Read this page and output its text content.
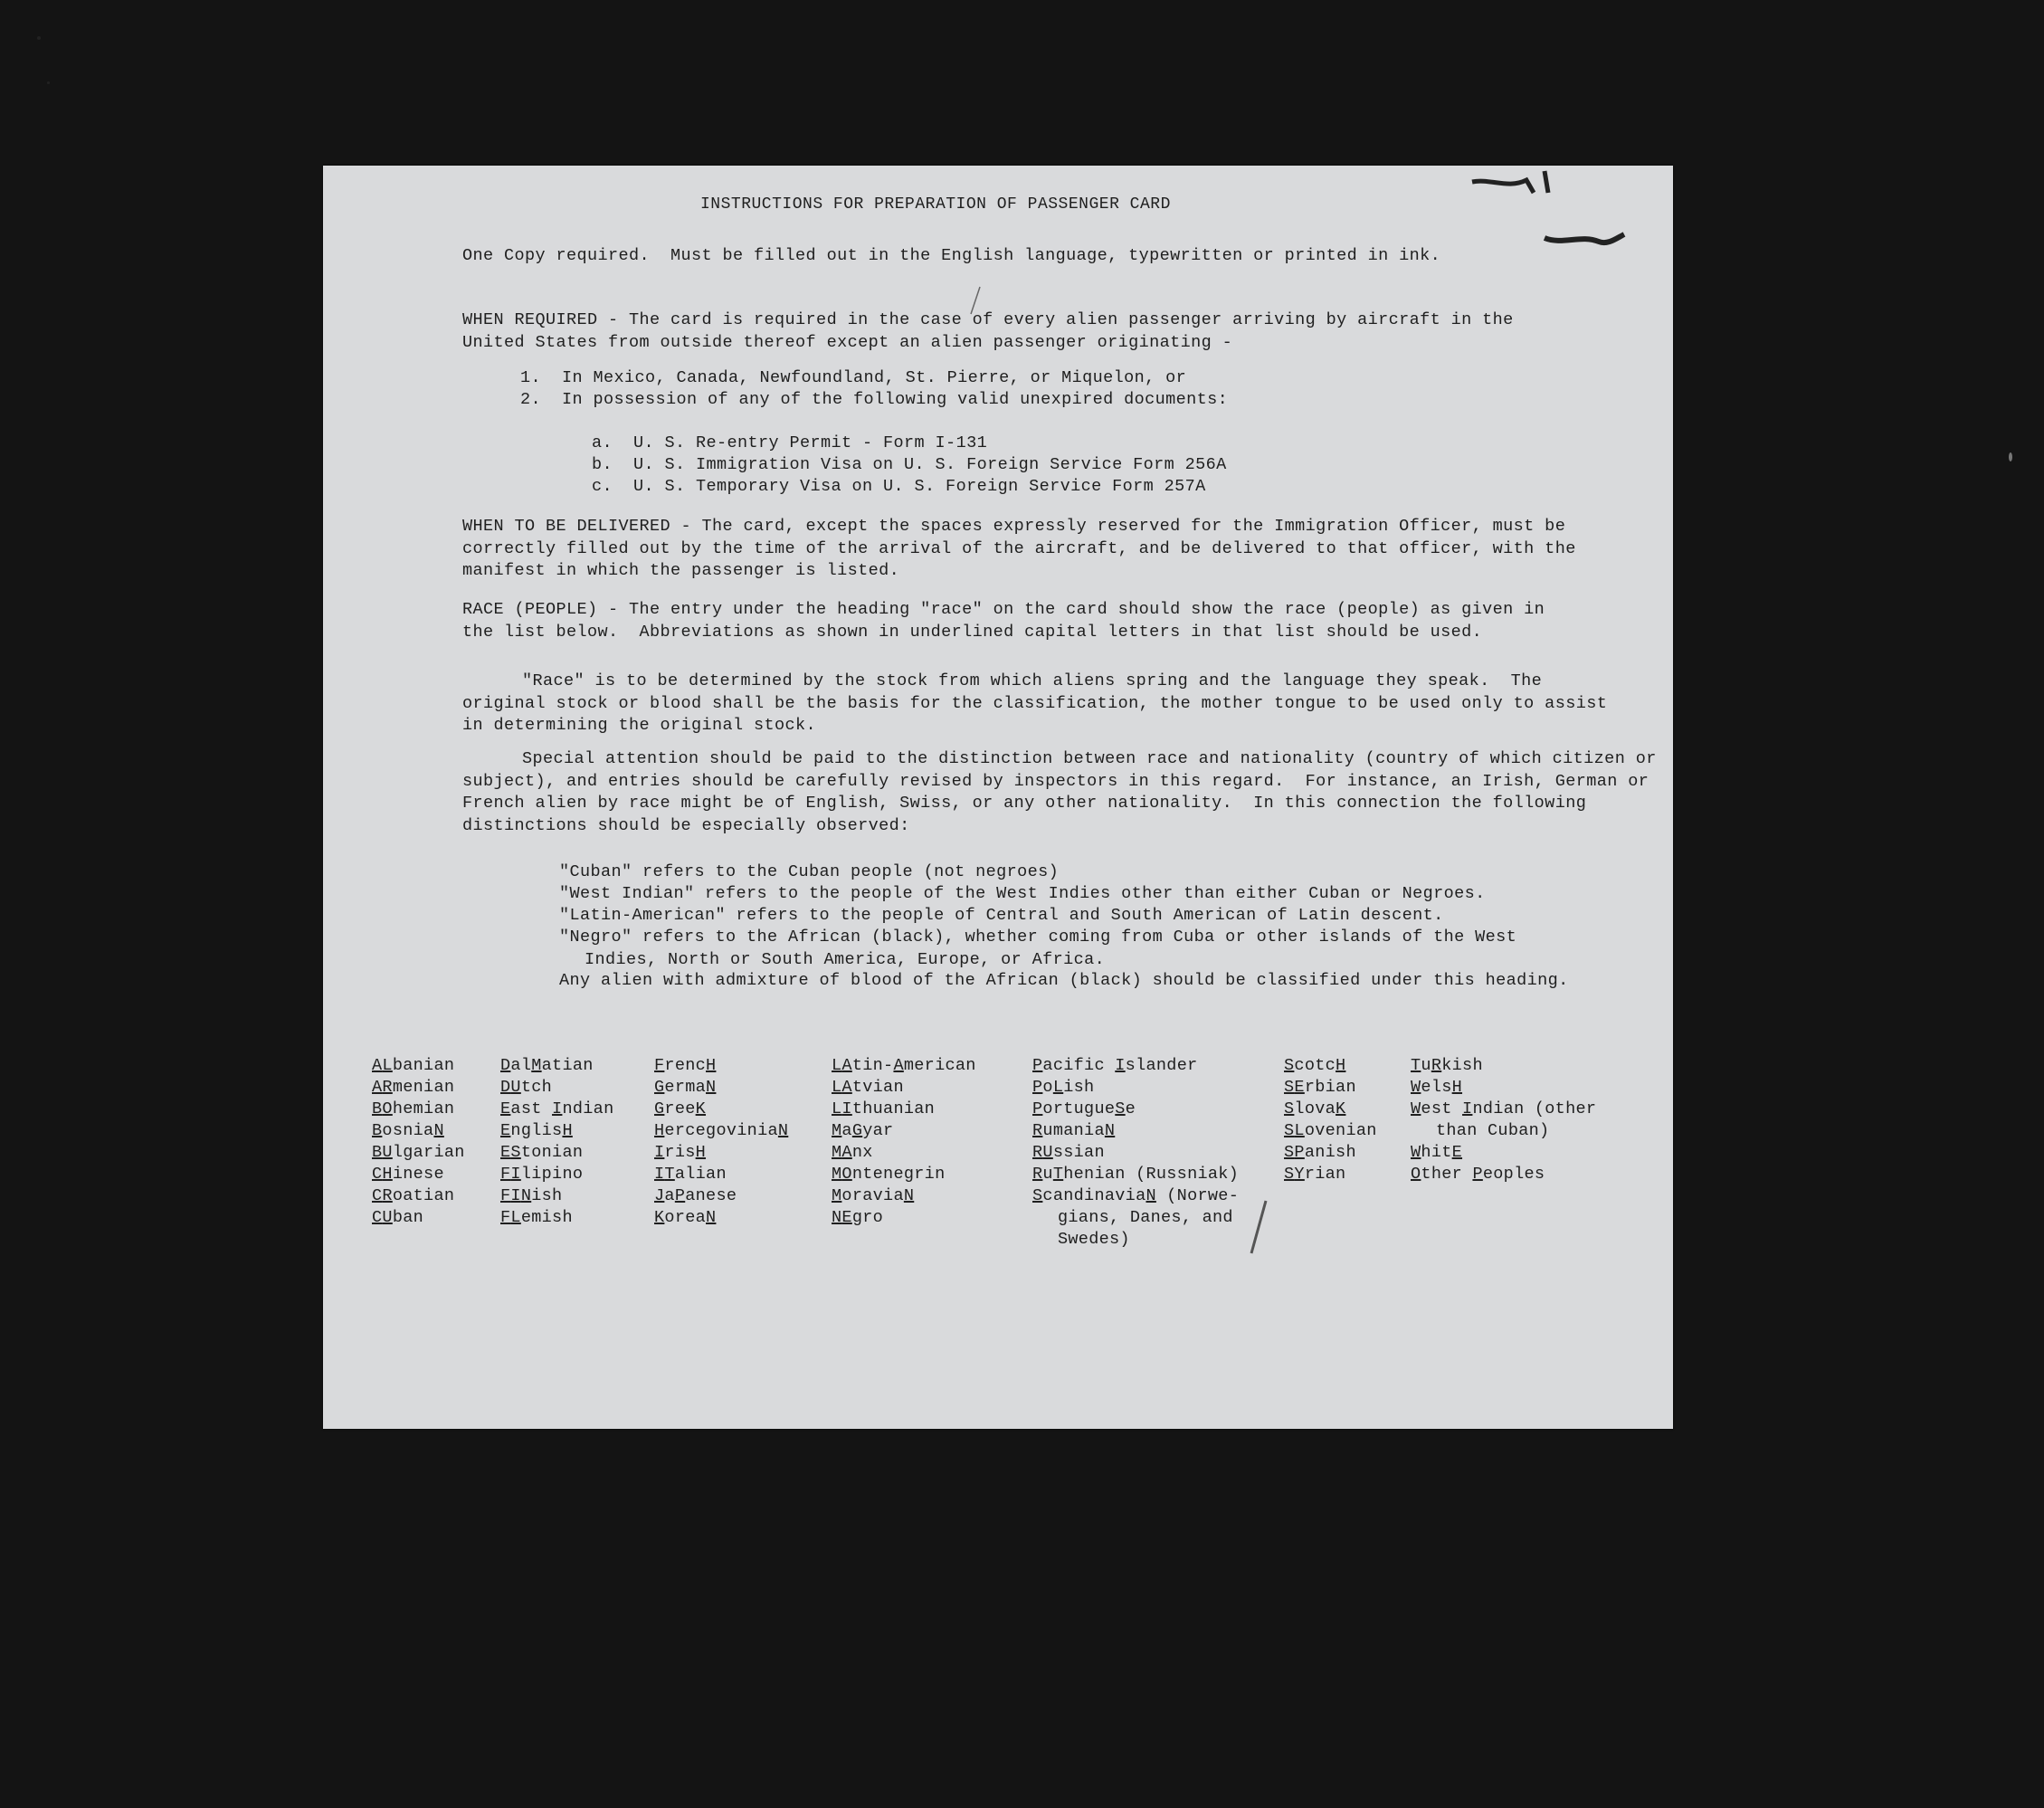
INSTRUCTIONS FOR PREPARATION OF PASSENGER CARD

One Copy required.  Must be filled out in the English language, typewritten or printed in ink.

WHEN REQUIRED - The card is required in the case of every alien passenger arriving by aircraft in the United States from outside thereof except an alien passenger originating -

1.  In Mexico, Canada, Newfoundland, St. Pierre, or Miquelon, or
2.  In possession of any of the following valid unexpired documents:
a.  U. S. Re-entry Permit - Form I-131
b.  U. S. Immigration Visa on U. S. Foreign Service Form 256A
c.  U. S. Temporary Visa on U. S. Foreign Service Form 257A

WHEN TO BE DELIVERED - The card, except the spaces expressly reserved for the Immigration Officer, must be correctly filled out by the time of the arrival of the aircraft, and be delivered to that officer, with the manifest in which the passenger is listed.

RACE (PEOPLE) - The entry under the heading "race" on the card should show the race (people) as given in the list below.  Abbreviations as shown in underlined capital letters in that list should be used.

"Race" is to be determined by the stock from which aliens spring and the language they speak.  The original stock or blood shall be the basis for the classification, the mother tongue to be used only to assist in determining the original stock.

Special attention should be paid to the distinction between race and nationality (country of which citizen or subject), and entries should be carefully revised by inspectors in this regard.  For instance, an Irish, German or French alien by race might be of English, Swiss, or any other nationality.  In this connection the following distinctions should be especially observed:

"Cuban" refers to the Cuban people (not negroes)
"West Indian" refers to the people of the West Indies other than either Cuban or Negroes.
"Latin-American" refers to the people of Central and South American of Latin descent.

"Negro" refers to the African (black), whether coming from Cuba or other islands of the West Indies, North or South America, Europe, or Africa.

Any alien with admixture of blood of the African (black) should be classified under this heading.

ALbanian
ARmenian
BOhemian
BosniaN
BUlgarian
CHinese
CRoatian
CUban
DalMatian
DUtch
East Indian
EnglisH
EStonian
FIlipino
FINish
FLemish
FrencH
GermaN
GreeK
HercegoviniaN
IrisH
ITalian
JaPanese
KoreaN
LAtin-American
LAtvian
LIthuanian
MaGyar
MAnx
MOntenegrin
MoraviaN
NEgro
Pacific Islander
PoLish
PortugueSe
RumaniaN
RUssian
RuThenian (Russniak)
ScandinaviaN (Norwe-
gians, Danes, and
Swedes)
ScotcH
SErbian
SlovaK
SLovenian
SPanish
SYrian
TuRkish
WelsH
West Indian (other
than Cuban)
WhitE
Other Peoples
